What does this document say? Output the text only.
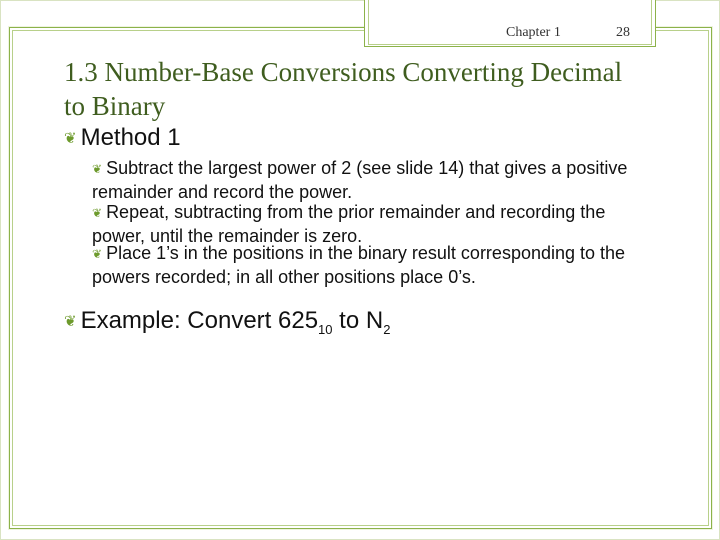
Chapter 1	28
1.3 Number-Base Conversions Converting Decimal to Binary
❦ Method 1
❦ Subtract the largest power of 2 (see slide 14) that gives a positive remainder and record the power.
❦ Repeat, subtracting from the prior remainder and recording the power, until the remainder is zero.
❦ Place 1’s in the positions in the binary result corresponding to the powers recorded; in all other positions place 0’s.
❦ Example: Convert $625_{10}$ to $N_2$
